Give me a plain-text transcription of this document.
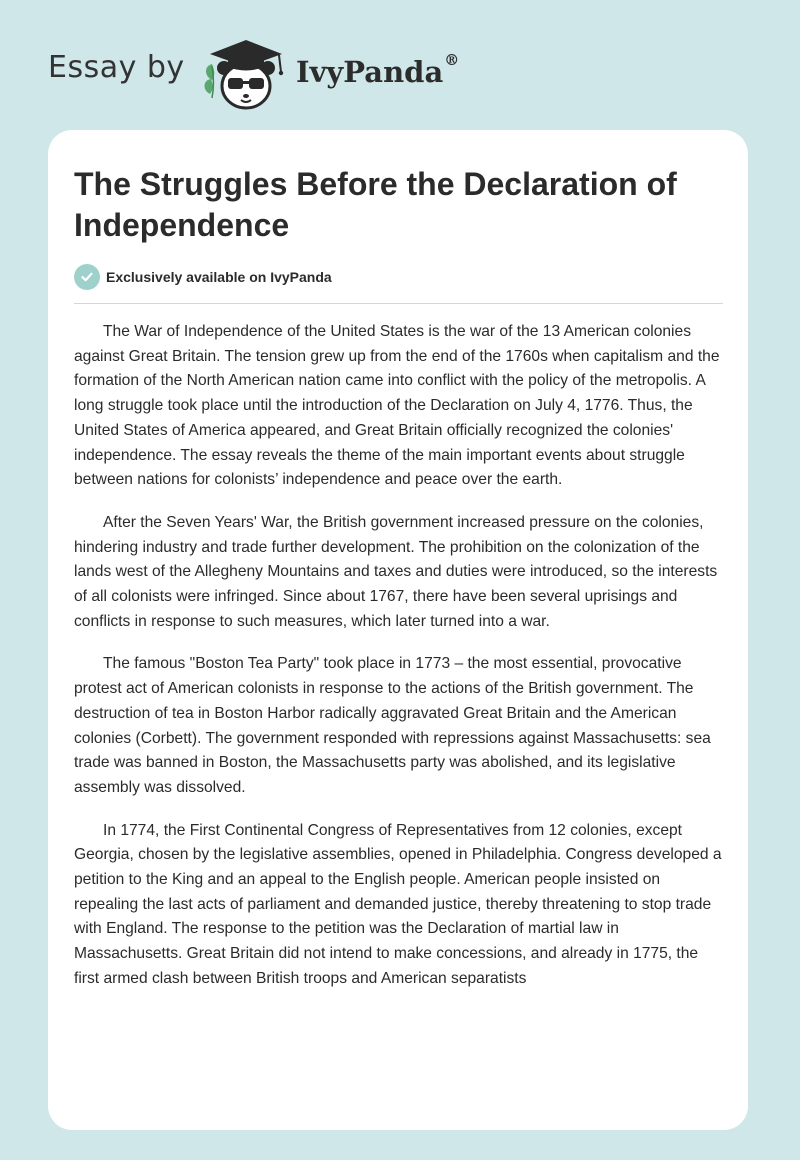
Essay by	IvyPanda®
The Struggles Before the Declaration of Independence
Exclusively available on IvyPanda

The War of Independence of the United States is the war of the 13 American colonies against Great Britain. The tension grew up from the end of the 1760s when capitalism and the formation of the North American nation came into conflict with the policy of the metropolis. A long struggle took place until the introduction of the Declaration on July 4, 1776. Thus, the United States of America appeared, and Great Britain officially recognized the colonies' independence. The essay reveals the theme of the main important events about struggle between nations for colonists’ independence and peace over the earth.

After the Seven Years' War, the British government increased pressure on the colonies, hindering industry and trade further development. The prohibition on the colonization of the lands west of the Allegheny Mountains and taxes and duties were introduced, so the interests of all colonists were infringed. Since about 1767, there have been several uprisings and conflicts in response to such measures, which later turned into a war.

The famous "Boston Tea Party" took place in 1773 – the most essential, provocative protest act of American colonists in response to the actions of the British government. The destruction of tea in Boston Harbor radically aggravated Great Britain and the American colonies (Corbett). The government responded with repressions against Massachusetts: sea trade was banned in Boston, the Massachusetts party was abolished, and its legislative assembly was dissolved.

In 1774, the First Continental Congress of Representatives from 12 colonies, except Georgia, chosen by the legislative assemblies, opened in Philadelphia. Congress developed a petition to the King and an appeal to the English people. American people insisted on repealing the last acts of parliament and demanded justice, thereby threatening to stop trade with England. The response to the petition was the Declaration of martial law in Massachusetts. Great Britain did not intend to make concessions, and already in 1775, the first armed clash between British troops and American separatists
